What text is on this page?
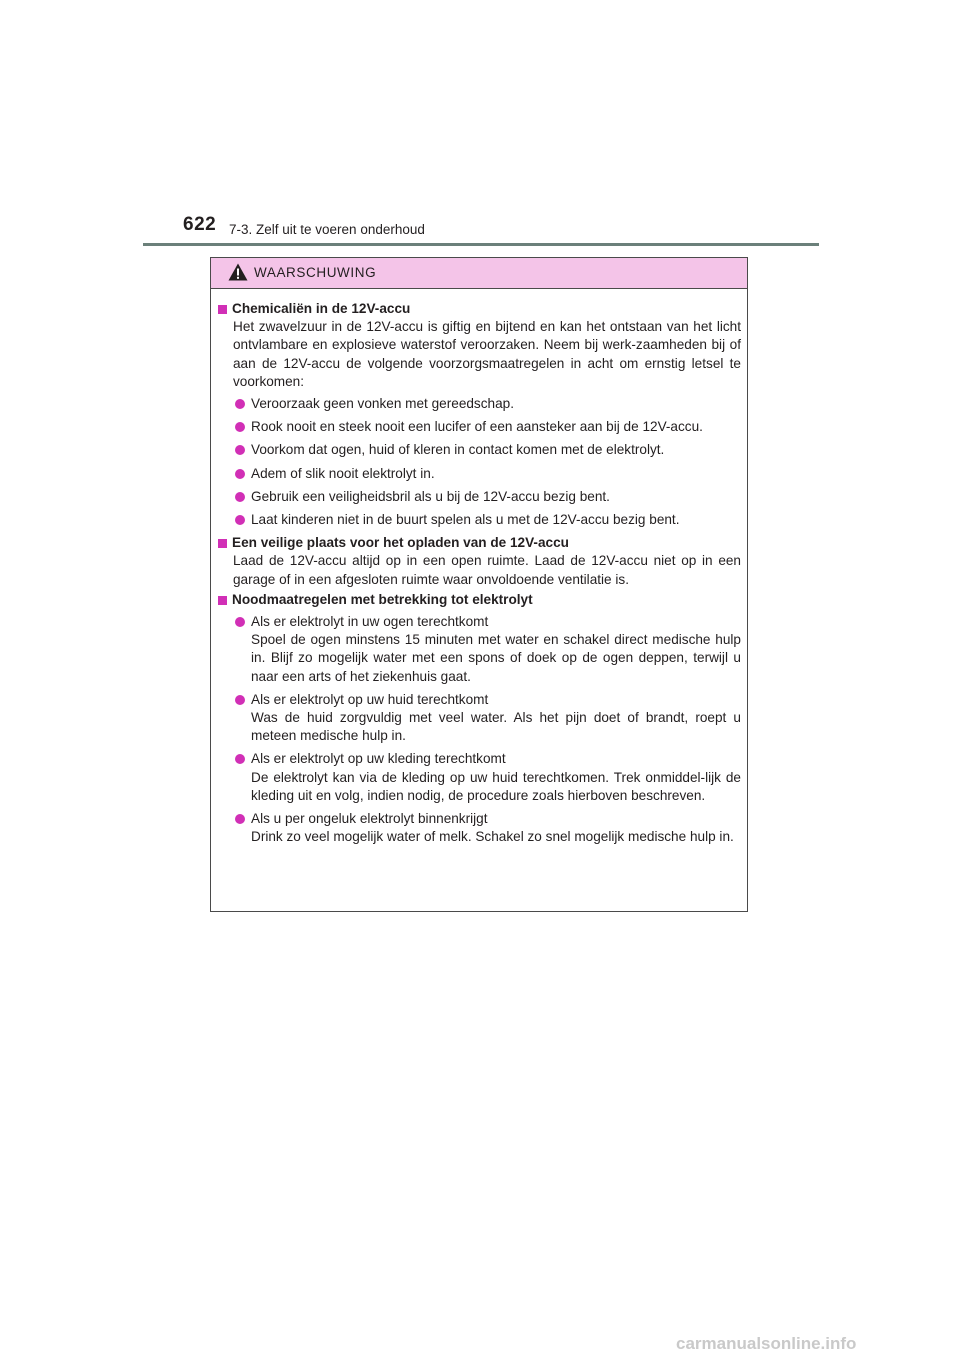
622 7-3. Zelf uit te voeren onderhoud
WAARSCHUWING
Chemicaliën in de 12V-accu
Het zwavelzuur in de 12V-accu is giftig en bijtend en kan het ontstaan van het licht ontvlambare en explosieve waterstof veroorzaken. Neem bij werk-zaamheden bij of aan de 12V-accu de volgende voorzorgsmaatregelen in acht om ernstig letsel te voorkomen:
Veroorzaak geen vonken met gereedschap.
Rook nooit en steek nooit een lucifer of een aansteker aan bij de 12V-accu.
Voorkom dat ogen, huid of kleren in contact komen met de elektrolyt.
Adem of slik nooit elektrolyt in.
Gebruik een veiligheidsbril als u bij de 12V-accu bezig bent.
Laat kinderen niet in de buurt spelen als u met de 12V-accu bezig bent.
Een veilige plaats voor het opladen van de 12V-accu
Laad de 12V-accu altijd op in een open ruimte. Laad de 12V-accu niet op in een garage of in een afgesloten ruimte waar onvoldoende ventilatie is.
Noodmaatregelen met betrekking tot elektrolyt
Als er elektrolyt in uw ogen terechtkomt
Spoel de ogen minstens 15 minuten met water en schakel direct medische hulp in. Blijf zo mogelijk water met een spons of doek op de ogen deppen, terwijl u naar een arts of het ziekenhuis gaat.
Als er elektrolyt op uw huid terechtkomt
Was de huid zorgvuldig met veel water. Als het pijn doet of brandt, roept u meteen medische hulp in.
Als er elektrolyt op uw kleding terechtkomt
De elektrolyt kan via de kleding op uw huid terechtkomen. Trek onmiddel-lijk de kleding uit en volg, indien nodig, de procedure zoals hierboven beschreven.
Als u per ongeluk elektrolyt binnenkrijgt
Drink zo veel mogelijk water of melk. Schakel zo snel mogelijk medische hulp in.
carmanualsonline.info
